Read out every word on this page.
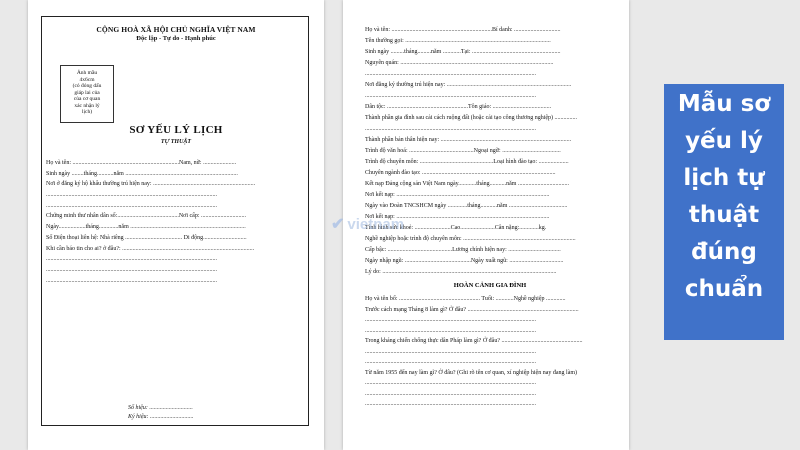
CỘNG HOÀ XÃ HỘI CHỦ NGHĨA VIỆT NAM
Độc lập - Tự do - Hạnh phúc
Ảnh mầu
4x6cm
(có đóng dấu
giáp lai của
của cơ quan
xác nhận lý
lịch)
SƠ YẾU LÝ LỊCH
TỰ THUẬT
Họ và tên: .......................................................................Nam, nữ: ......................
Sinh ngày ........tháng...........năm ...........................................................................
Nơi ở đăng ký hộ khẩu thường trú hiện nay: ....................................................................
..................................................................................................................
..................................................................................................................
Chứng minh thư nhân dân số:.........................................Nơi cấp: ..............................
Ngày..................tháng.............năm .............................................................................
Số Điện thoại liên hệ: Nhà riêng ...................................... Di động.............................
Khi cần báo tin cho ai? ở đâu?: ........................................................................................
..................................................................................................................
..................................................................................................................
..................................................................................................................
Số hiệu: .............................
Ký hiệu: .............................
Họ và tên: ...................................................................Bí danh: ...............................
Tên thường gọi: .................................................................................................
Sinh ngày .........tháng.........năm ............Tại: ...........................................................
Nguyên quán: ......................................................................................................
..................................................................................................................
Nơi đăng ký thường trú hiện nay: ...................................................................................
..................................................................................................................
Dân tộc: ......................................................Tôn giáo: .......................................
Thành phần gia đình sau cải cách ruộng đất (hoặc cải tạo công thương nghiệp) ...............
..................................................................................................................
Thành phần bản thân hiện nay: .......................................................................................
Trình độ văn hoá: ...........................................Ngoại ngữ: .......................................
Trình độ chuyên môn: .................................................Loại hình đào tạo: ....................
Chuyên ngành đào tạo: .........................................................................................
Kết nạp Đảng cộng sản Việt Nam ngày............tháng...........năm ..................................
Nơi kết nạp: ......................................................................................................
Ngày vào Đoàn TNCSHCM ngày .............tháng...........năm .......................................
Nơi kết nạp: ......................................................................................................
Tình hình sức khoẻ: ........................Cao.......................Cân nặng:.............kg.
Nghề nghiệp hoặc trình độ chuyên môn: ...........................................................................
Cấp bậc: ...........................................Lương chính hiện nay: ...................................
Ngày nhập ngũ: ............................................Ngày xuất ngũ: ....................................
Lý do: ....................................................................................................................
HOÀN CẢNH GIA ĐÌNH
Họ và tên bố: ...................................................... Tuổi: ............Nghề nghiệp .............
Trước cách mạng Tháng 8 làm gì? Ở đâu? ..........................................................................
..................................................................................................................
..................................................................................................................
Trong kháng chiến chống thực dân Pháp làm gì? Ở đâu? ......................................................
..................................................................................................................
..................................................................................................................
Từ năm 1955 đến nay làm gì? Ở đâu? (Ghi rõ tên cơ quan, xí nghiệp hiện nay đang làm)
..................................................................................................................
..................................................................................................................
..................................................................................................................
✔ vietnam
Mẫu sơ
yếu lý
lịch tự
thuật
đúng
chuẩn
